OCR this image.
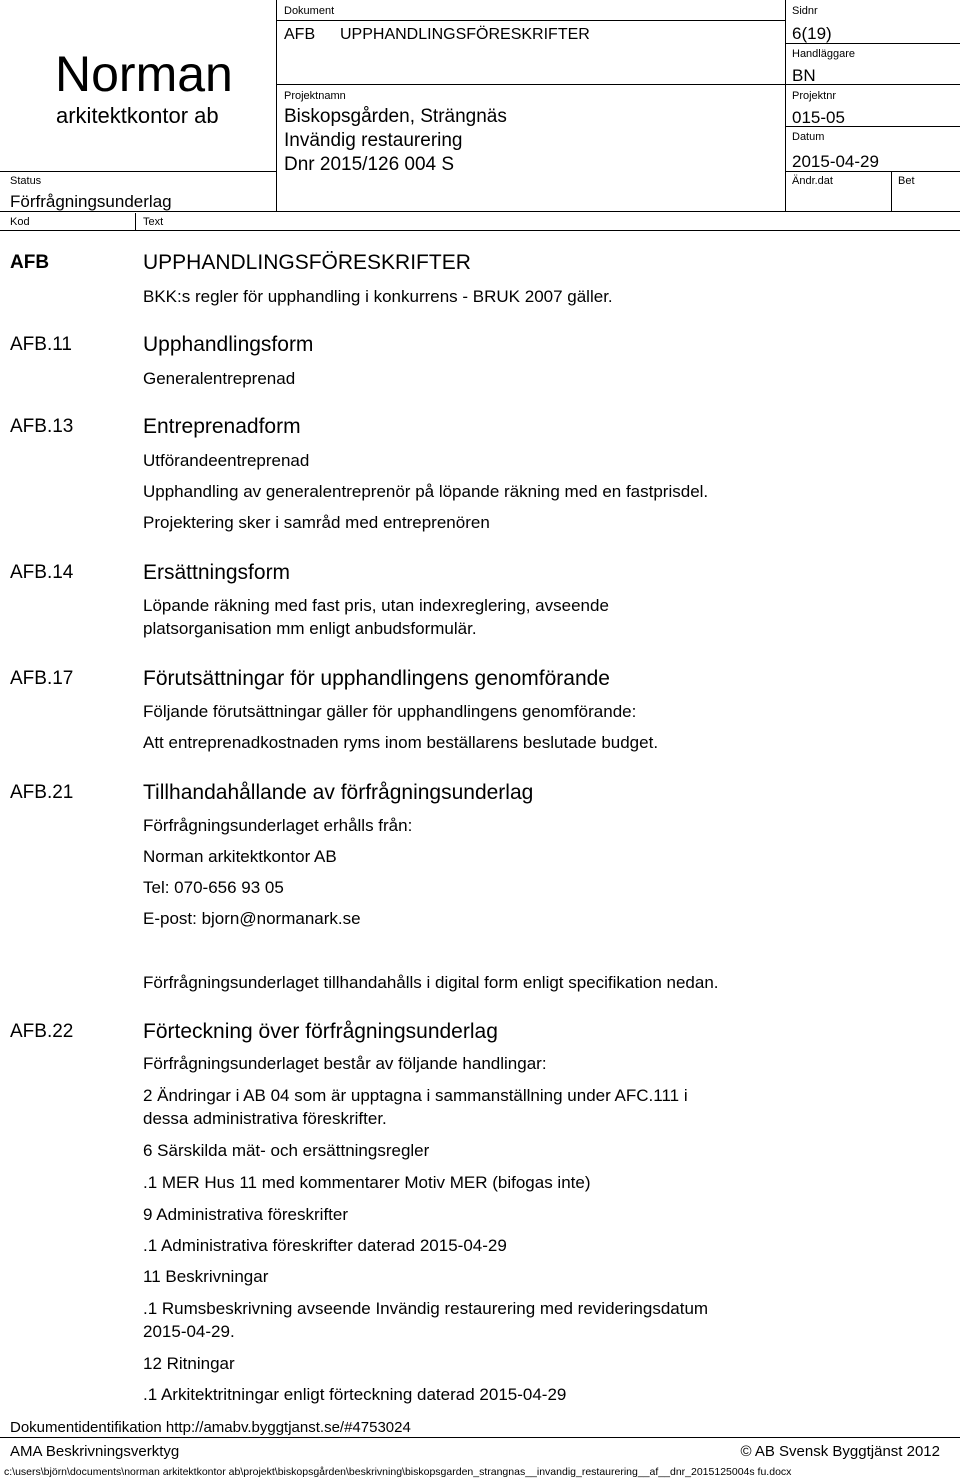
Norman
arkitektkontor ab
Status
Förfrågningsunderlag
Kod	Text
Dokument
AFB UPPHANDLINGSFÖRESKRIFTER
Projektnamn
Biskopsgården, Strängnäs
Invändig restaurering
Dnr 2015/126 004 S
Sidnr
6(19)
Handläggare
BN
Projektnr
015-05
Datum
2015-04-29
Ändr.dat	Bet
AFB	UPPHANDLINGSFÖRESKRIFTER
BKK:s regler för upphandling i konkurrens - BRUK 2007 gäller.
AFB.11	Upphandlingsform
Generalentreprenad
AFB.13	Entreprenadform
Utförandeentreprenad
Upphandling av generalentreprenör på löpande räkning med en fastprisdel.
Projektering sker i samråd med entreprenören
AFB.14	Ersättningsform
Löpande räkning med fast pris, utan indexreglering, avseende
platsorganisation mm enligt anbudsformulär.
AFB.17	Förutsättningar för upphandlingens genomförande
Följande förutsättningar gäller för upphandlingens genomförande:
Att entreprenadkostnaden ryms inom beställarens beslutade budget.
AFB.21	Tillhandahållande av förfrågningsunderlag
Förfrågningsunderlaget erhålls från:
Norman arkitektkontor AB
Tel: 070-656 93 05
E-post: bjorn@normanark.se
Förfrågningsunderlaget tillhandahålls i digital form enligt specifikation nedan.
AFB.22	Förteckning över förfrågningsunderlag
Förfrågningsunderlaget består av följande handlingar:
2 Ändringar i AB 04 som är upptagna i sammanställning under AFC.111 i
dessa administrativa föreskrifter.
6 Särskilda mät- och ersättningsregler
.1 MER Hus 11 med kommentarer Motiv MER (bifogas inte)
9 Administrativa föreskrifter
.1 Administrativa föreskrifter daterad 2015-04-29
11 Beskrivningar
.1 Rumsbeskrivning avseende Invändig restaurering med revideringsdatum
2015-04-29.
12 Ritningar
.1 Arkitektritningar enligt förteckning daterad 2015-04-29
Dokumentidentifikation http://amabv.byggtjanst.se/#4753024
AMA Beskrivningsverktyg	© AB Svensk Byggtjänst 2012
c:\users\björn\documents\norman arkitektkontor ab\projekt\biskopsgården\beskrivning\biskopsgarden_strangnas__invandig_restaurering__af__dnr_2015125004s fu.docx
